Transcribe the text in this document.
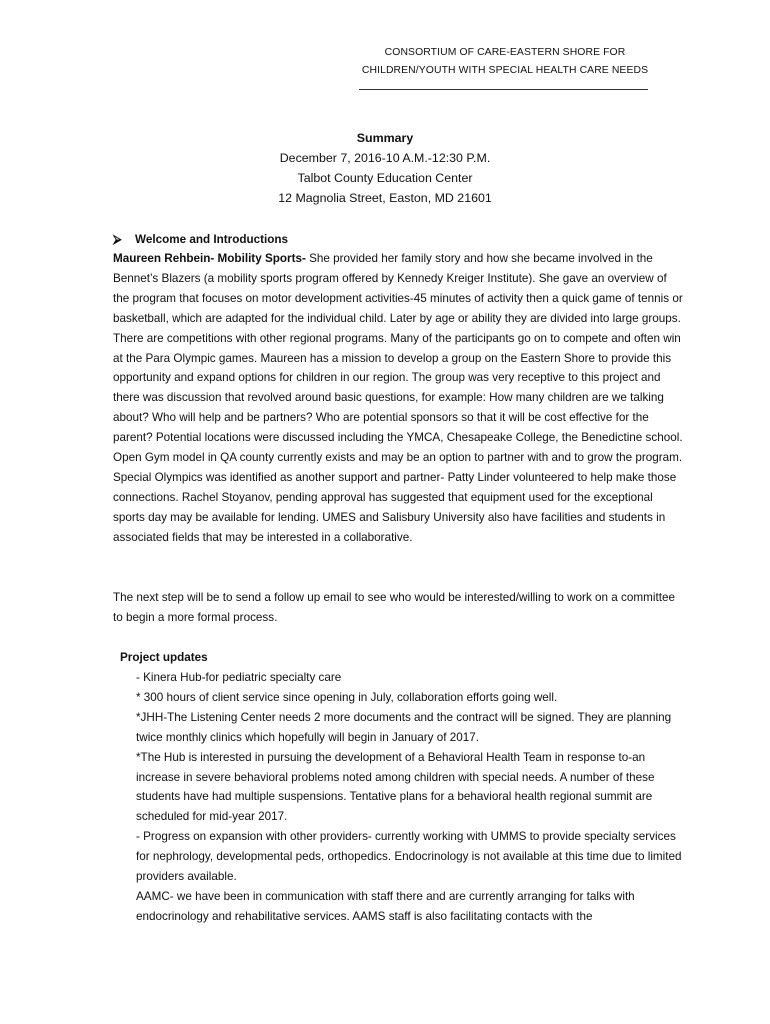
CONSORTIUM OF CARE-EASTERN SHORE FOR
CHILDREN/YOUTH WITH SPECIAL HEALTH CARE NEEDS
Summary
December 7, 2016-10 A.M.-12:30 P.M.
Talbot County Education Center
12 Magnolia Street, Easton, MD 21601
⮚ Welcome and Introductions
Maureen Rehbein- Mobility Sports- She provided her family story and how she became involved in the Bennet’s Blazers (a mobility sports program offered by Kennedy Kreiger Institute). She gave an overview of the program that focuses on motor development activities-45 minutes of activity then a quick game of tennis or basketball, which are adapted for the individual child. Later by age or ability they are divided into large groups. There are competitions with other regional programs. Many of the participants go on to compete and often win at the Para Olympic games. Maureen has a mission to develop a group on the Eastern Shore to provide this opportunity and expand options for children in our region. The group was very receptive to this project and there was discussion that revolved around basic questions, for example: How many children are we talking about? Who will help and be partners? Who are potential sponsors so that it will be cost effective for the parent? Potential locations were discussed including the YMCA, Chesapeake College, the Benedictine school. Open Gym model in QA county currently exists and may be an option to partner with and to grow the program. Special Olympics was identified as another support and partner- Patty Linder volunteered to help make those connections. Rachel Stoyanov, pending approval has suggested that equipment used for the exceptional sports day may be available for lending. UMES and Salisbury University also have facilities and students in associated fields that may be interested in a collaborative.
The next step will be to send a follow up email to see who would be interested/willing to work on a committee to begin a more formal process.
Project updates

- Kinera Hub-for pediatric specialty care

* 300 hours of client service since opening in July, collaboration efforts going well.

*JHH-The Listening Center needs 2 more documents and the contract will be signed. They are planning twice monthly clinics which hopefully will begin in January of 2017.

*The Hub is interested in pursuing the development of a Behavioral Health Team in response to-an increase in severe behavioral problems noted among children with special needs. A number of these students have had multiple suspensions. Tentative plans for a behavioral health regional summit are scheduled for mid-year 2017.

- Progress on expansion with other providers- currently working with UMMS to provide specialty services for nephrology, developmental peds, orthopedics. Endocrinology is not available at this time due to limited providers available.

AAMC- we have been in communication with staff there and are currently arranging for talks with endocrinology and rehabilitative services. AAMS staff is also facilitating contacts with the
